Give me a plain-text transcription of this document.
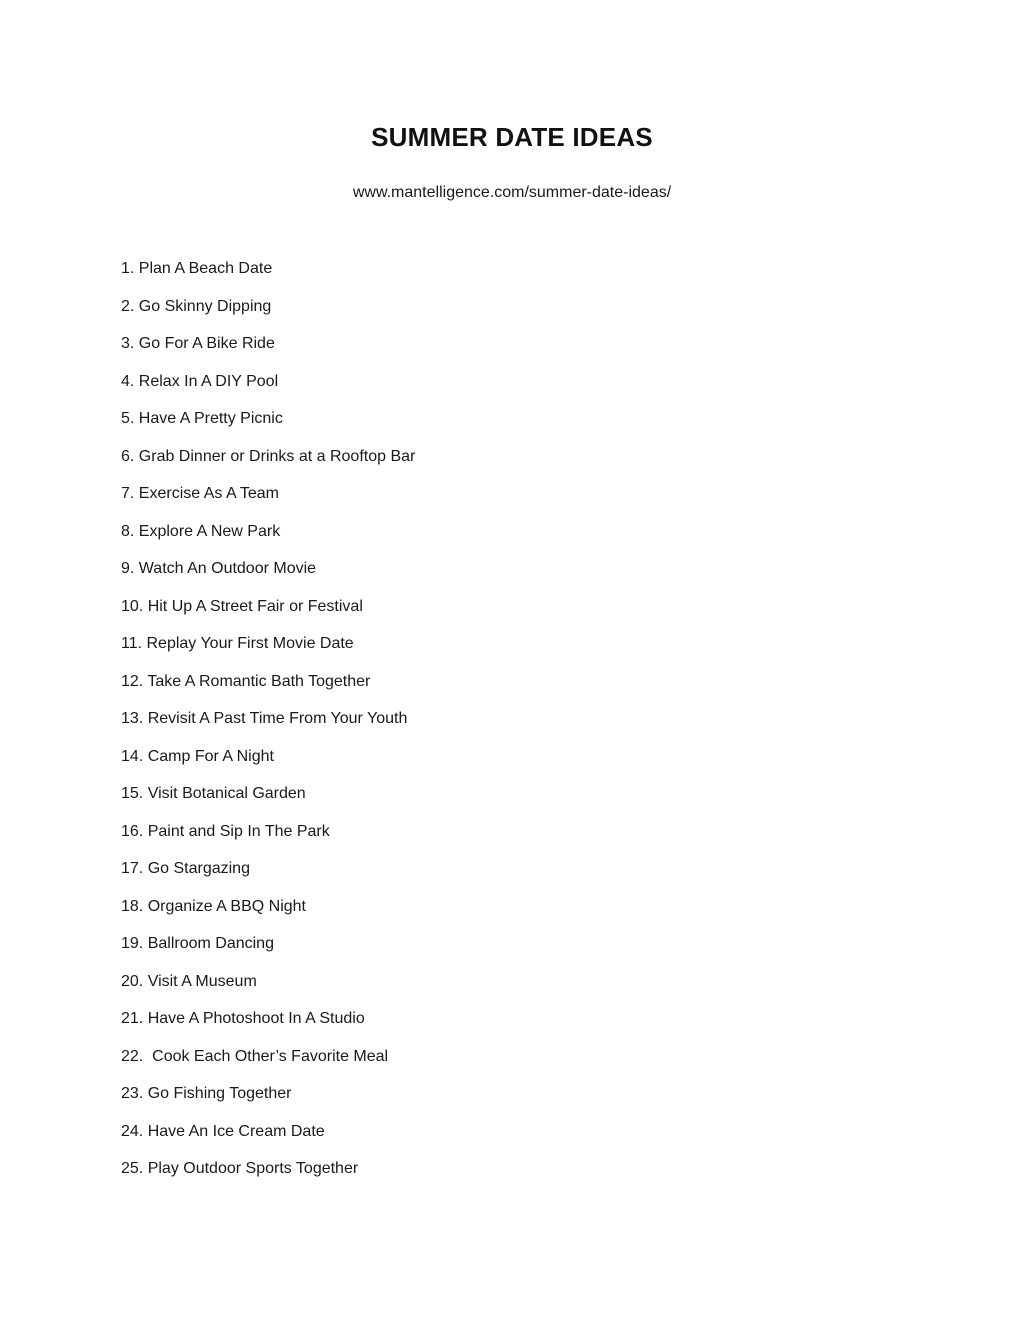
SUMMER DATE IDEAS
www.mantelligence.com/summer-date-ideas/
1. Plan A Beach Date
2. Go Skinny Dipping
3. Go For A Bike Ride
4. Relax In A DIY Pool
5. Have A Pretty Picnic
6. Grab Dinner or Drinks at a Rooftop Bar
7. Exercise As A Team
8. Explore A New Park
9. Watch An Outdoor Movie
10. Hit Up A Street Fair or Festival
11. Replay Your First Movie Date
12. Take A Romantic Bath Together
13. Revisit A Past Time From Your Youth
14. Camp For A Night
15. Visit Botanical Garden
16. Paint and Sip In The Park
17. Go Stargazing
18. Organize A BBQ Night
19. Ballroom Dancing
20. Visit A Museum
21. Have A Photoshoot In A Studio
22.  Cook Each Other’s Favorite Meal
23. Go Fishing Together
24. Have An Ice Cream Date
25. Play Outdoor Sports Together
